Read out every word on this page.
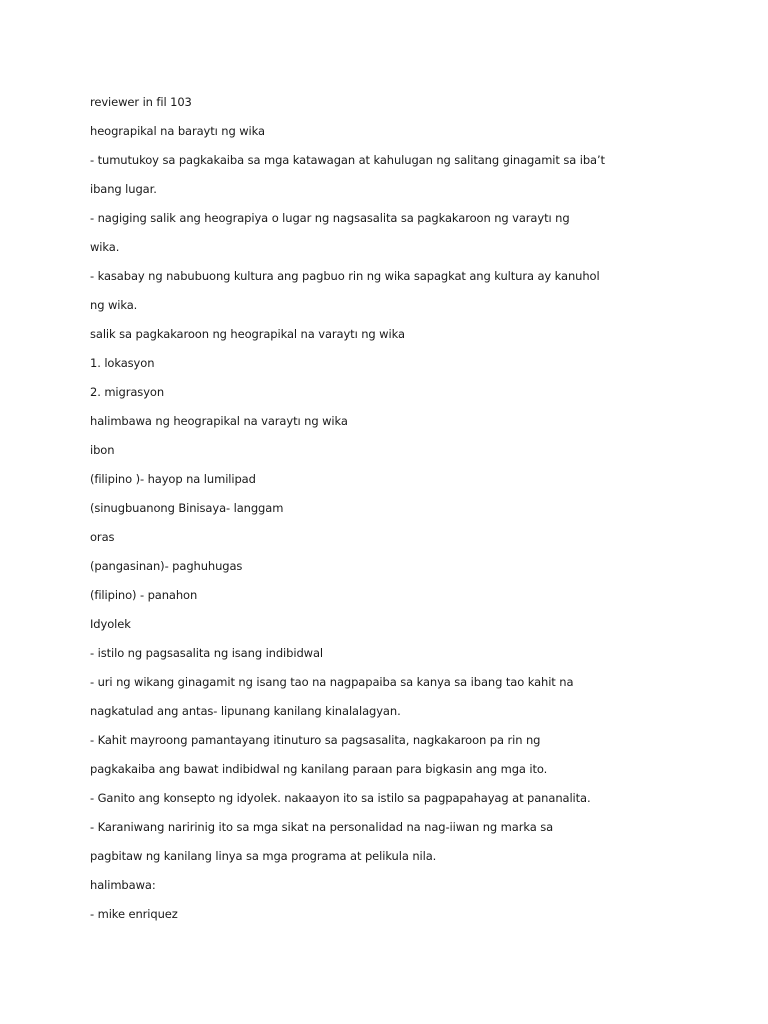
reviewer in fil 103
heograpikal na baraytı ng wika
- tumutukoy sa pagkakaiba sa mga katawagan at kahulugan ng salitang ginagamit sa iba’t
ibang lugar.
- nagiging salik ang heograpiya o lugar ng nagsasalita sa pagkakaroon ng varaytı ng
wika.
- kasabay ng nabubuong kultura ang pagbuo rin ng wika sapagkat ang kultura ay kanuhol
ng wika.
salik sa pagkakaroon ng heograpikal na varaytı ng wika
1. lokasyon
2. migrasyon
halimbawa ng heograpikal na varaytı ng wika
ibon
(filipino )- hayop na lumilipad
(sinugbuanong Binisaya- langgam
oras
(pangasinan)- paghuhugas
(filipino) - panahon
Idyolek
- istilo ng pagsasalita ng isang indibidwal
- uri ng wikang ginagamit ng isang tao na nagpapaiba sa kanya sa ibang tao kahit na
nagkatulad ang antas- lipunang kanilang kinalalagyan.
- Kahit mayroong pamantayang itinuturo sa pagsasalita, nagkakaroon pa rin ng
pagkakaiba ang bawat indibidwal ng kanilang paraan para bigkasin ang mga ito.
- Ganito ang konsepto ng idyolek. nakaayon ito sa istilo sa pagpapahayag at pananalita.
- Karaniwang naririnig ito sa mga sikat na personalidad na nag-iiwan ng marka sa
pagbitaw ng kanilang linya sa mga programa at pelikula nila.
halimbawa:
- mike enriquez
